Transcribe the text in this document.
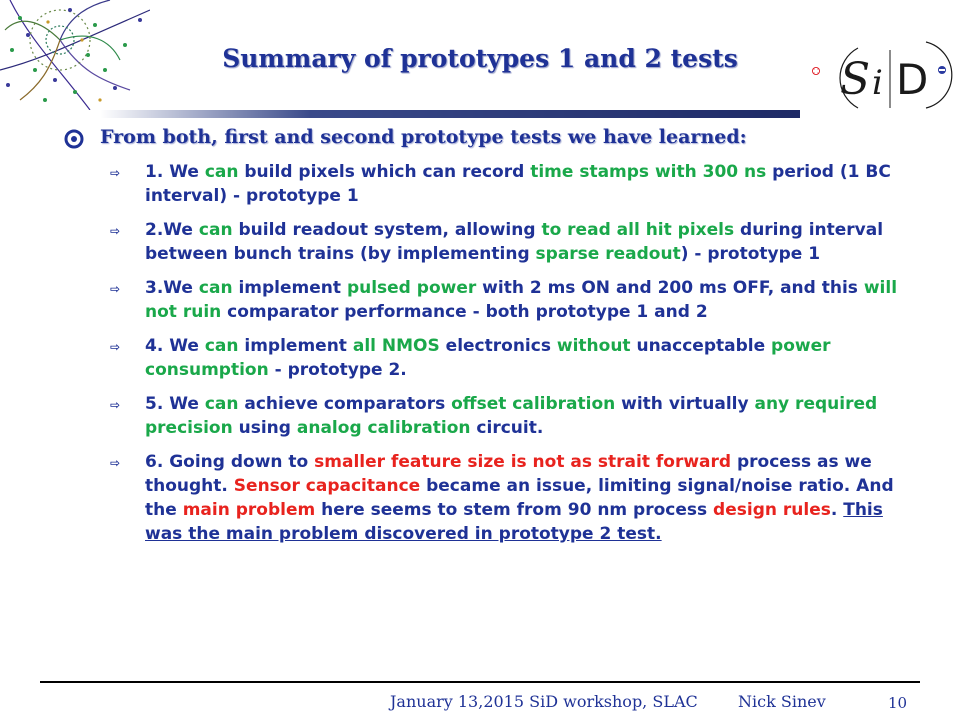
S i D
Summary of prototypes 1 and 2 tests
From both, first and second prototype tests we have learned:
⇨ 1. We can build pixels which can record time stamps with 300 ns period (1 BC interval) - prototype 1
⇨ 2.We can build readout system, allowing to read all hit pixels during interval between bunch trains (by implementing sparse readout) - prototype 1
⇨ 3.We can implement pulsed power with 2 ms ON and 200 ms OFF, and this will not ruin comparator performance - both prototype 1 and 2
⇨ 4. We can implement all NMOS electronics without unacceptable power consumption - prototype 2.
⇨ 5. We can achieve comparators offset calibration with virtually any required precision using analog calibration circuit.
⇨ 6. Going down to smaller feature size is not as strait forward process as we thought. Sensor capacitance became an issue, limiting signal/noise ratio. And the main problem here seems to stem from 90 nm process design rules. This was the main problem discovered in prototype 2 test.
January 13,2015 SiD workshop, SLAC	Nick Sinev	10
